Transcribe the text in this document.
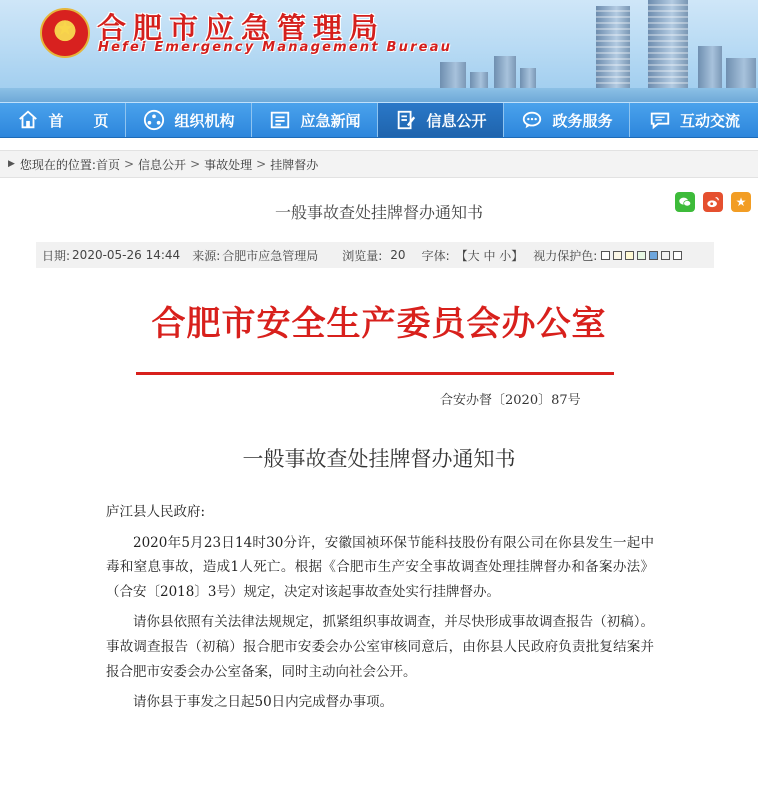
★
合肥市应急管理局
Hefei Emergency Management Bureau
首　　页	组织机构	应急新闻	信息公开	政务服务	互动交流
▶ 您现在的位置: 首页 > 信息公开 > 事故处理 > 挂牌督办
一般事故查处挂牌督办通知书
★
日期: 2020-05-26 14:44 来源: 合肥市应急管理局 浏览量: 20 字体: 【大 中 小】 视力保护色:
合肥市安全生产委员会办公室
合安办督〔2020〕87号
一般事故查处挂牌督办通知书

庐江县人民政府:

2020年5月23日14时30分许，安徽国祯环保节能科技股份有限公司在你县发生一起中毒和窒息事故，造成1人死亡。根据《合肥市生产安全事故调查处理挂牌督办和备案办法》（合安〔2018〕3号）规定，决定对该起事故查处实行挂牌督办。

请你县依照有关法律法规规定，抓紧组织事故调查，并尽快形成事故调查报告（初稿）。事故调查报告（初稿）报合肥市安委会办公室审核同意后，由你县人民政府负责批复结案并报合肥市安委会办公室备案，同时主动向社会公开。

请你县于事发之日起50日内完成督办事项。
